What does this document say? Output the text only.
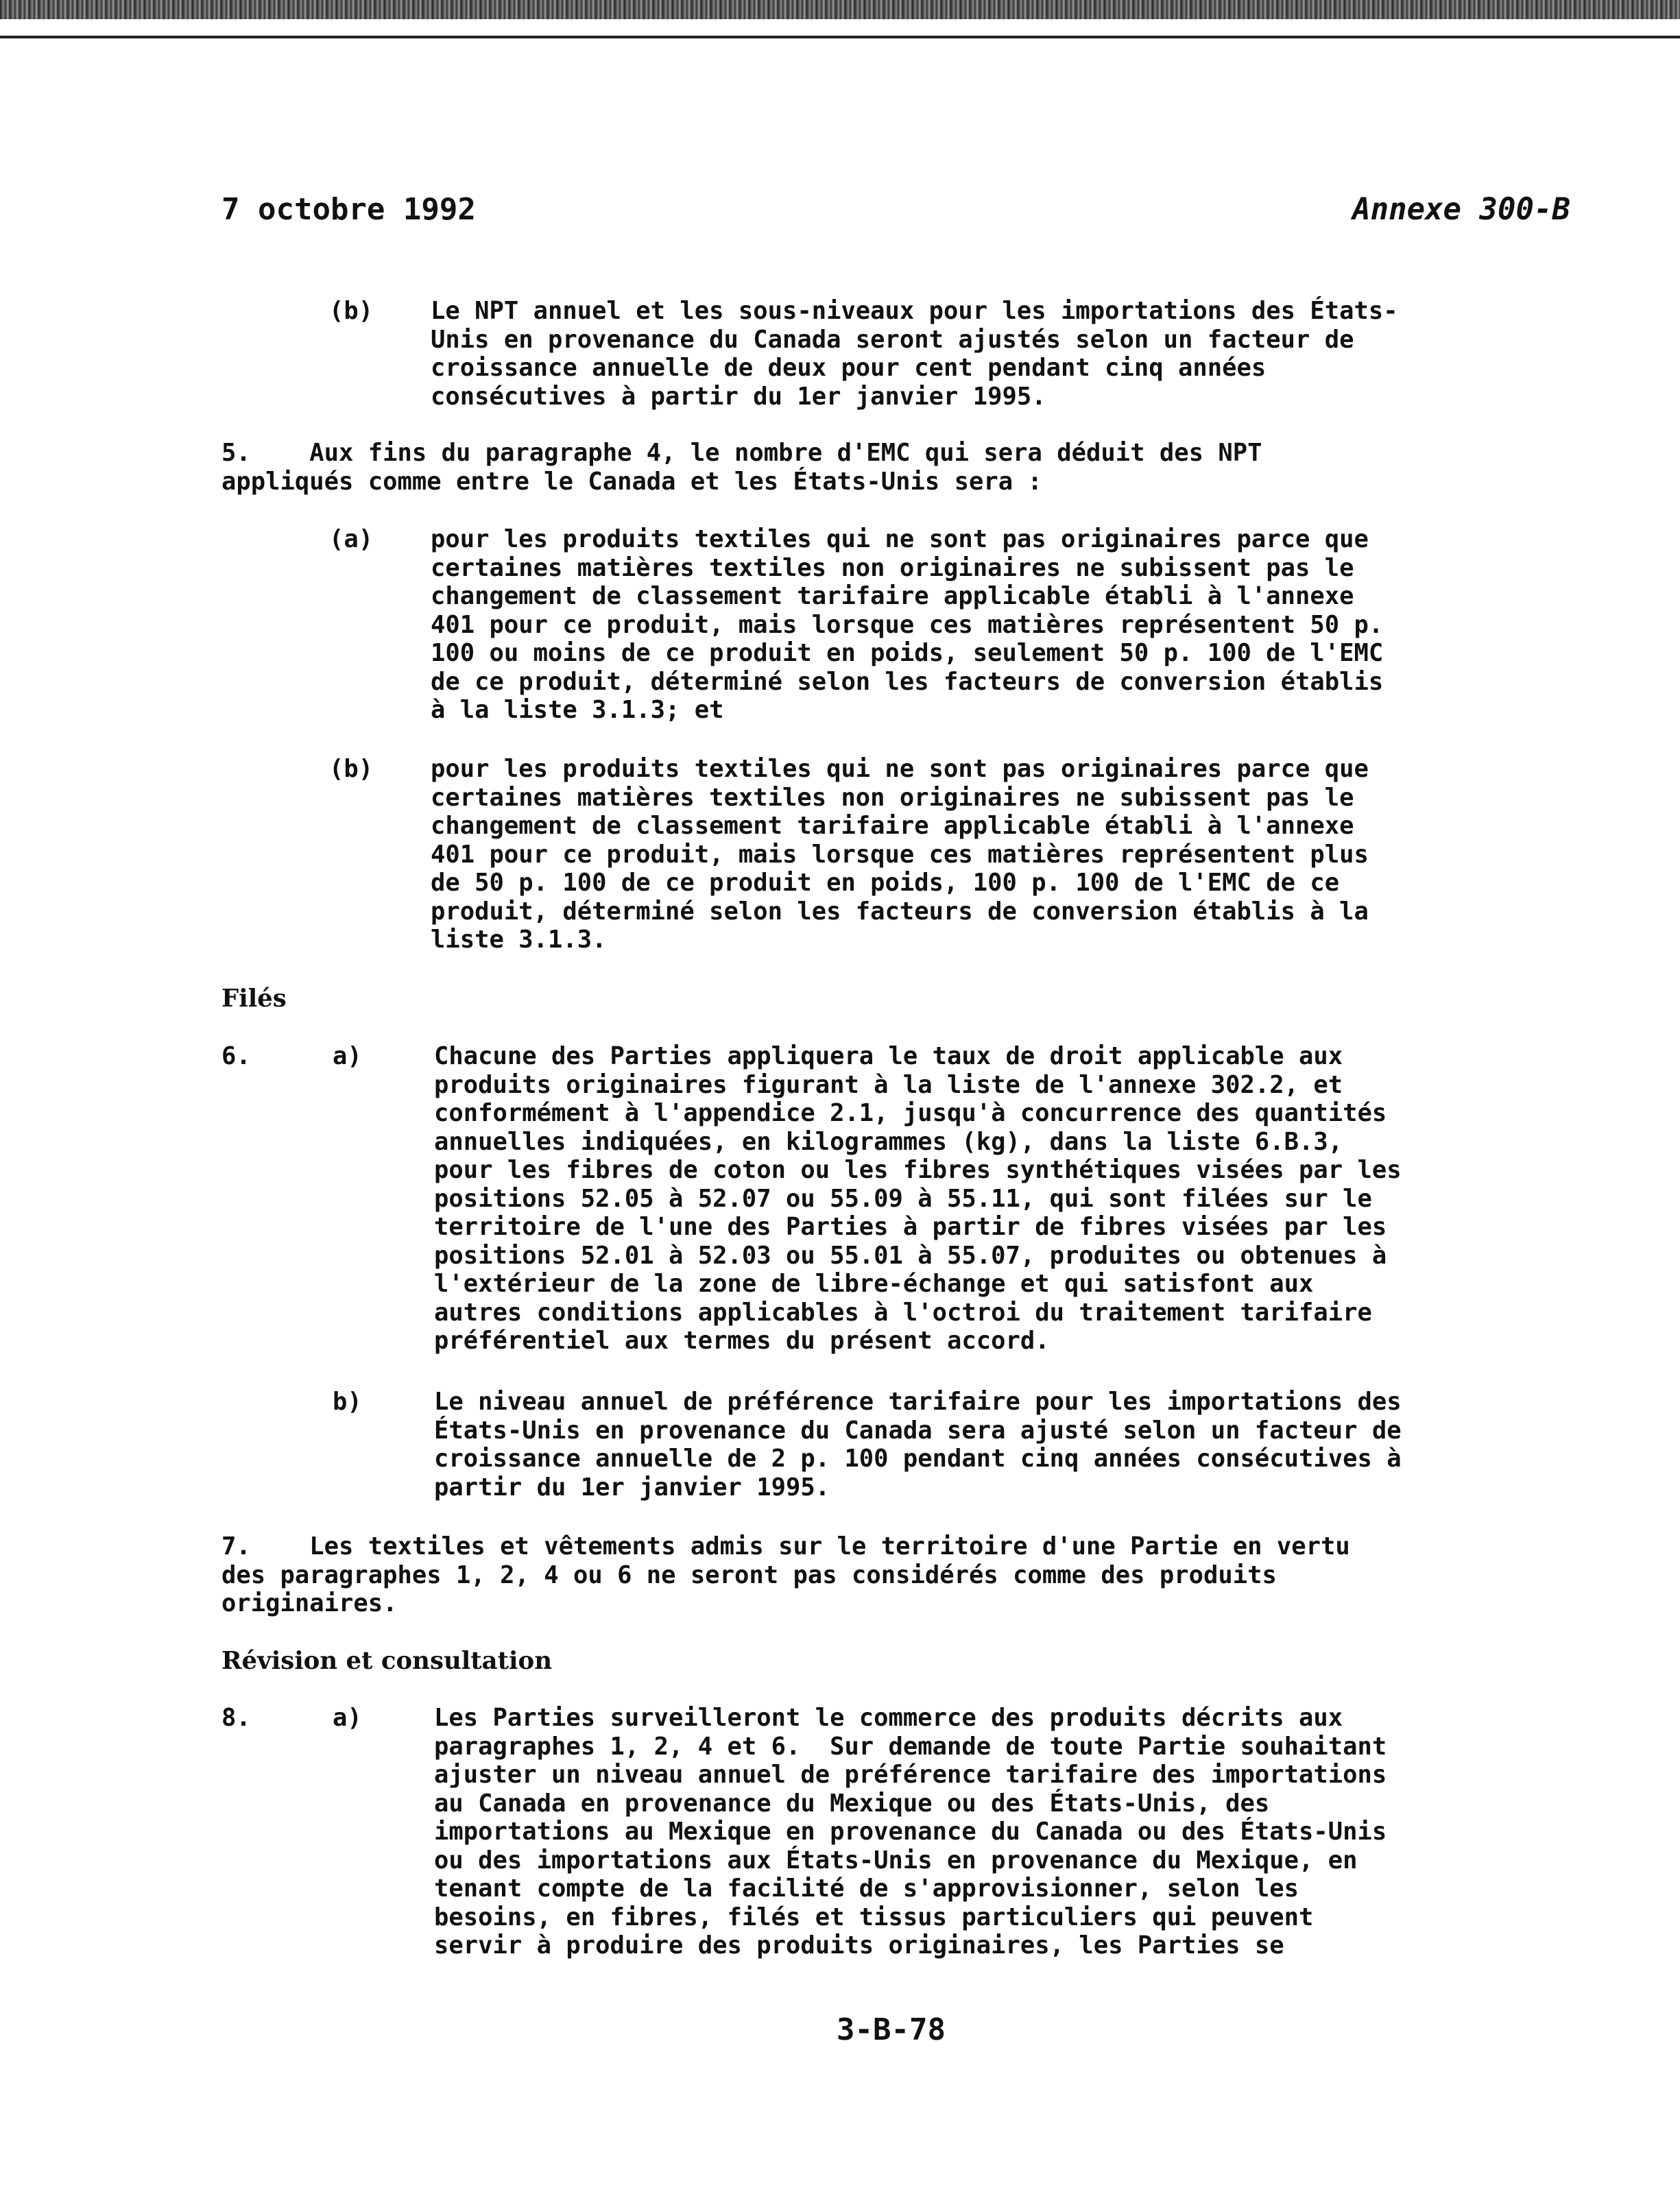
7 octobre 1992	Annexe 300-B
(b) Le NPT annuel et les sous-niveaux pour les importations des États-
Unis en provenance du Canada seront ajustés selon un facteur de
croissance annuelle de deux pour cent pendant cinq années
consécutives à partir du 1er janvier 1995.
5.    Aux fins du paragraphe 4, le nombre d'EMC qui sera déduit des NPT
appliqués comme entre le Canada et les États-Unis sera :
(a) pour les produits textiles qui ne sont pas originaires parce que
certaines matières textiles non originaires ne subissent pas le
changement de classement tarifaire applicable établi à l'annexe
401 pour ce produit, mais lorsque ces matières représentent 50 p.
100 ou moins de ce produit en poids, seulement 50 p. 100 de l'EMC
de ce produit, déterminé selon les facteurs de conversion établis
à la liste 3.1.3; et
(b) pour les produits textiles qui ne sont pas originaires parce que
certaines matières textiles non originaires ne subissent pas le
changement de classement tarifaire applicable établi à l'annexe
401 pour ce produit, mais lorsque ces matières représentent plus
de 50 p. 100 de ce produit en poids, 100 p. 100 de l'EMC de ce
produit, déterminé selon les facteurs de conversion établis à la
liste 3.1.3.
Filés
6.	a)	Chacune des Parties appliquera le taux de droit applicable aux
produits originaires figurant à la liste de l'annexe 302.2, et
conformément à l'appendice 2.1, jusqu'à concurrence des quantités
annuelles indiquées, en kilogrammes (kg), dans la liste 6.B.3,
pour les fibres de coton ou les fibres synthétiques visées par les
positions 52.05 à 52.07 ou 55.09 à 55.11, qui sont filées sur le
territoire de l'une des Parties à partir de fibres visées par les
positions 52.01 à 52.03 ou 55.01 à 55.07, produites ou obtenues à
l'extérieur de la zone de libre-échange et qui satisfont aux
autres conditions applicables à l'octroi du traitement tarifaire
préférentiel aux termes du présent accord.
b)	Le niveau annuel de préférence tarifaire pour les importations des
États-Unis en provenance du Canada sera ajusté selon un facteur de
croissance annuelle de 2 p. 100 pendant cinq années consécutives à
partir du 1er janvier 1995.
7.    Les textiles et vêtements admis sur le territoire d'une Partie en vertu
des paragraphes 1, 2, 4 ou 6 ne seront pas considérés comme des produits
originaires.
Révision et consultation
8.	a)	Les Parties surveilleront le commerce des produits décrits aux
paragraphes 1, 2, 4 et 6.  Sur demande de toute Partie souhaitant
ajuster un niveau annuel de préférence tarifaire des importations
au Canada en provenance du Mexique ou des États-Unis, des
importations au Mexique en provenance du Canada ou des États-Unis
ou des importations aux États-Unis en provenance du Mexique, en
tenant compte de la facilité de s'approvisionner, selon les
besoins, en fibres, filés et tissus particuliers qui peuvent
servir à produire des produits originaires, les Parties se
3-B-78
